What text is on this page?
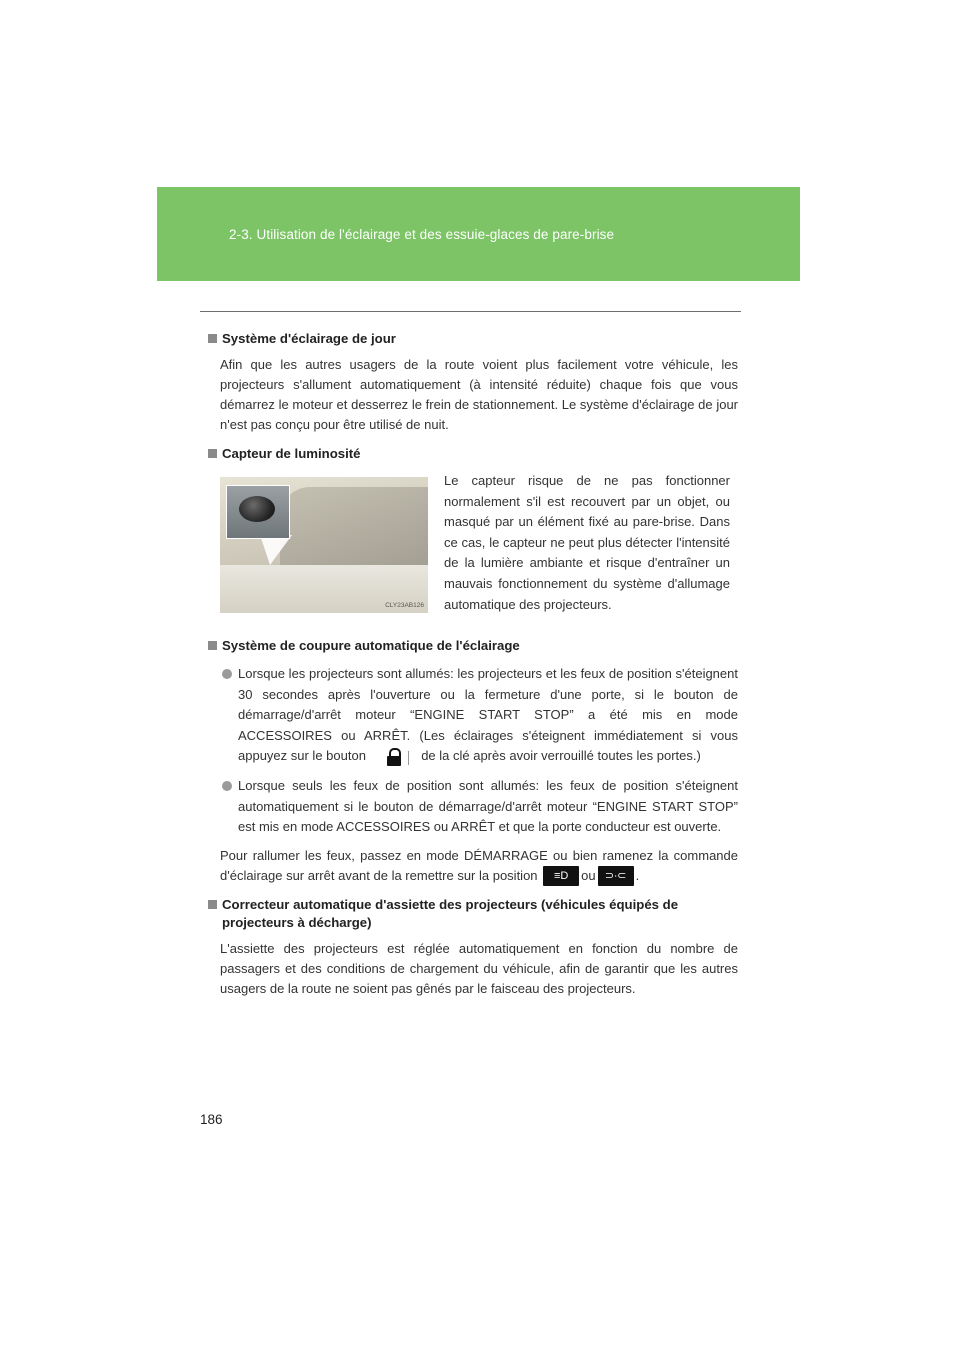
2-3. Utilisation de l'éclairage et des essuie-glaces de pare-brise
Système d'éclairage de jour
Afin que les autres usagers de la route voient plus facilement votre véhicule, les projecteurs s'allument automatiquement (à intensité réduite) chaque fois que vous démarrez le moteur et desserrez le frein de stationnement. Le système d'éclairage de jour n'est pas conçu pour être utilisé de nuit.
Capteur de luminosité
CLY23AB126
Le capteur risque de ne pas fonctionner normalement s'il est recouvert par un objet, ou masqué par un élément fixé au pare-brise. Dans ce cas, le capteur ne peut plus détecter l'intensité de la lumière ambiante et risque d'entraîner un mauvais fonctionnement du système d'allumage automatique des projecteurs.
Système de coupure automatique de l'éclairage
Lorsque les projecteurs sont allumés: les projecteurs et les feux de position s'éteignent 30 secondes après l'ouverture ou la fermeture d'une porte, si le bouton de démarrage/d'arrêt moteur “ENGINE START STOP” a été mis en mode ACCESSOIRES ou ARRÊT. (Les éclairages s'éteignent immédiatement si vous appuyez sur le bouton	de la clé après avoir verrouillé toutes les portes.)
Lorsque seuls les feux de position sont allumés: les feux de position s'éteignent automatiquement si le bouton de démarrage/d'arrêt moteur “ENGINE START STOP” est mis en mode ACCESSOIRES ou ARRÊT et que la porte conducteur est ouverte.
Pour rallumer les feux, passez en mode DÉMARRAGE ou bien ramenez la commande d'éclairage sur arrêt avant de la remettre sur la position ≡D ou ⊃∙⊂ .
Correcteur automatique d'assiette des projecteurs (véhicules équipés de projecteurs à décharge)
L'assiette des projecteurs est réglée automatiquement en fonction du nombre de passagers et des conditions de chargement du véhicule, afin de garantir que les autres usagers de la route ne soient pas gênés par le faisceau des projecteurs.
186
